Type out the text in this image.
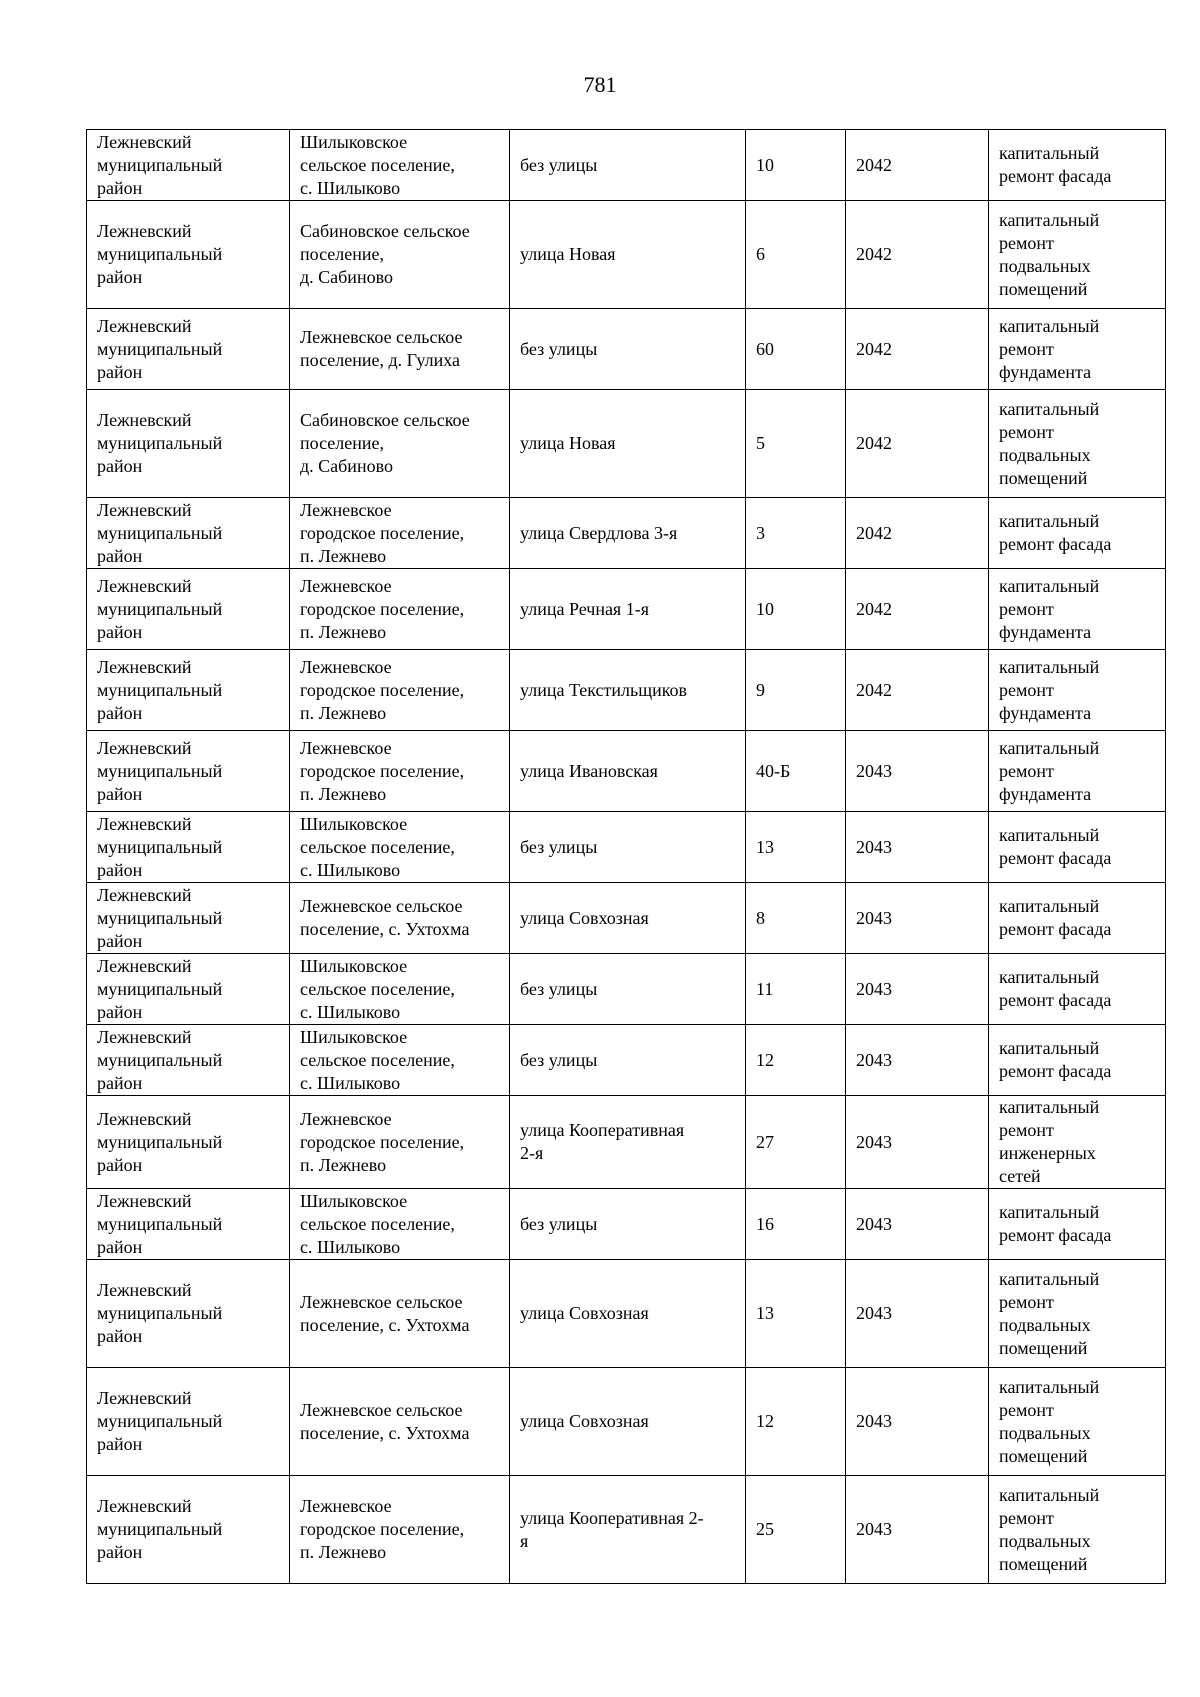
781
Лежневский
муниципальный
район	Шилыковское
сельское поселение,
с. Шилыково	без улицы	10	2042	капитальный
ремонт фасада

Лежневский
муниципальный
район	Сабиновское сельское
поселение,
д. Сабиново	улица Новая	6	2042	капитальный
ремонт
подвальных
помещений

Лежневский
муниципальный
район	Лежневское сельское
поселение, д. Гулиха	без улицы	60	2042	капитальный
ремонт
фундамента

Лежневский
муниципальный
район	Сабиновское сельское
поселение,
д. Сабиново	улица Новая	5	2042	капитальный
ремонт
подвальных
помещений

Лежневский
муниципальный
район	Лежневское
городское поселение,
п. Лежнево	улица Свердлова 3-я	3	2042	капитальный
ремонт фасада

Лежневский
муниципальный
район	Лежневское
городское поселение,
п. Лежнево	улица Речная 1-я	10	2042	капитальный
ремонт
фундамента

Лежневский
муниципальный
район	Лежневское
городское поселение,
п. Лежнево	улица Текстильщиков	9	2042	капитальный
ремонт
фундамента

Лежневский
муниципальный
район	Лежневское
городское поселение,
п. Лежнево	улица Ивановская	40-Б	2043	капитальный
ремонт
фундамента

Лежневский
муниципальный
район	Шилыковское
сельское поселение,
с. Шилыково	без улицы	13	2043	капитальный
ремонт фасада

Лежневский
муниципальный
район	Лежневское сельское
поселение, с. Ухтохма	улица Совхозная	8	2043	капитальный
ремонт фасада

Лежневский
муниципальный
район	Шилыковское
сельское поселение,
с. Шилыково	без улицы	11	2043	капитальный
ремонт фасада

Лежневский
муниципальный
район	Шилыковское
сельское поселение,
с. Шилыково	без улицы	12	2043	капитальный
ремонт фасада

Лежневский
муниципальный
район	Лежневское
городское поселение,
п. Лежнево	улица Кооперативная
2-я	27	2043	капитальный
ремонт
инженерных
сетей

Лежневский
муниципальный
район	Шилыковское
сельское поселение,
с. Шилыково	без улицы	16	2043	капитальный
ремонт фасада

Лежневский
муниципальный
район	Лежневское сельское
поселение, с. Ухтохма	улица Совхозная	13	2043	капитальный
ремонт
подвальных
помещений

Лежневский
муниципальный
район	Лежневское сельское
поселение, с. Ухтохма	улица Совхозная	12	2043	капитальный
ремонт
подвальных
помещений

Лежневский
муниципальный
район	Лежневское
городское поселение,
п. Лежнево	улица Кооперативная 2-
я	25	2043	капитальный
ремонт
подвальных
помещений
